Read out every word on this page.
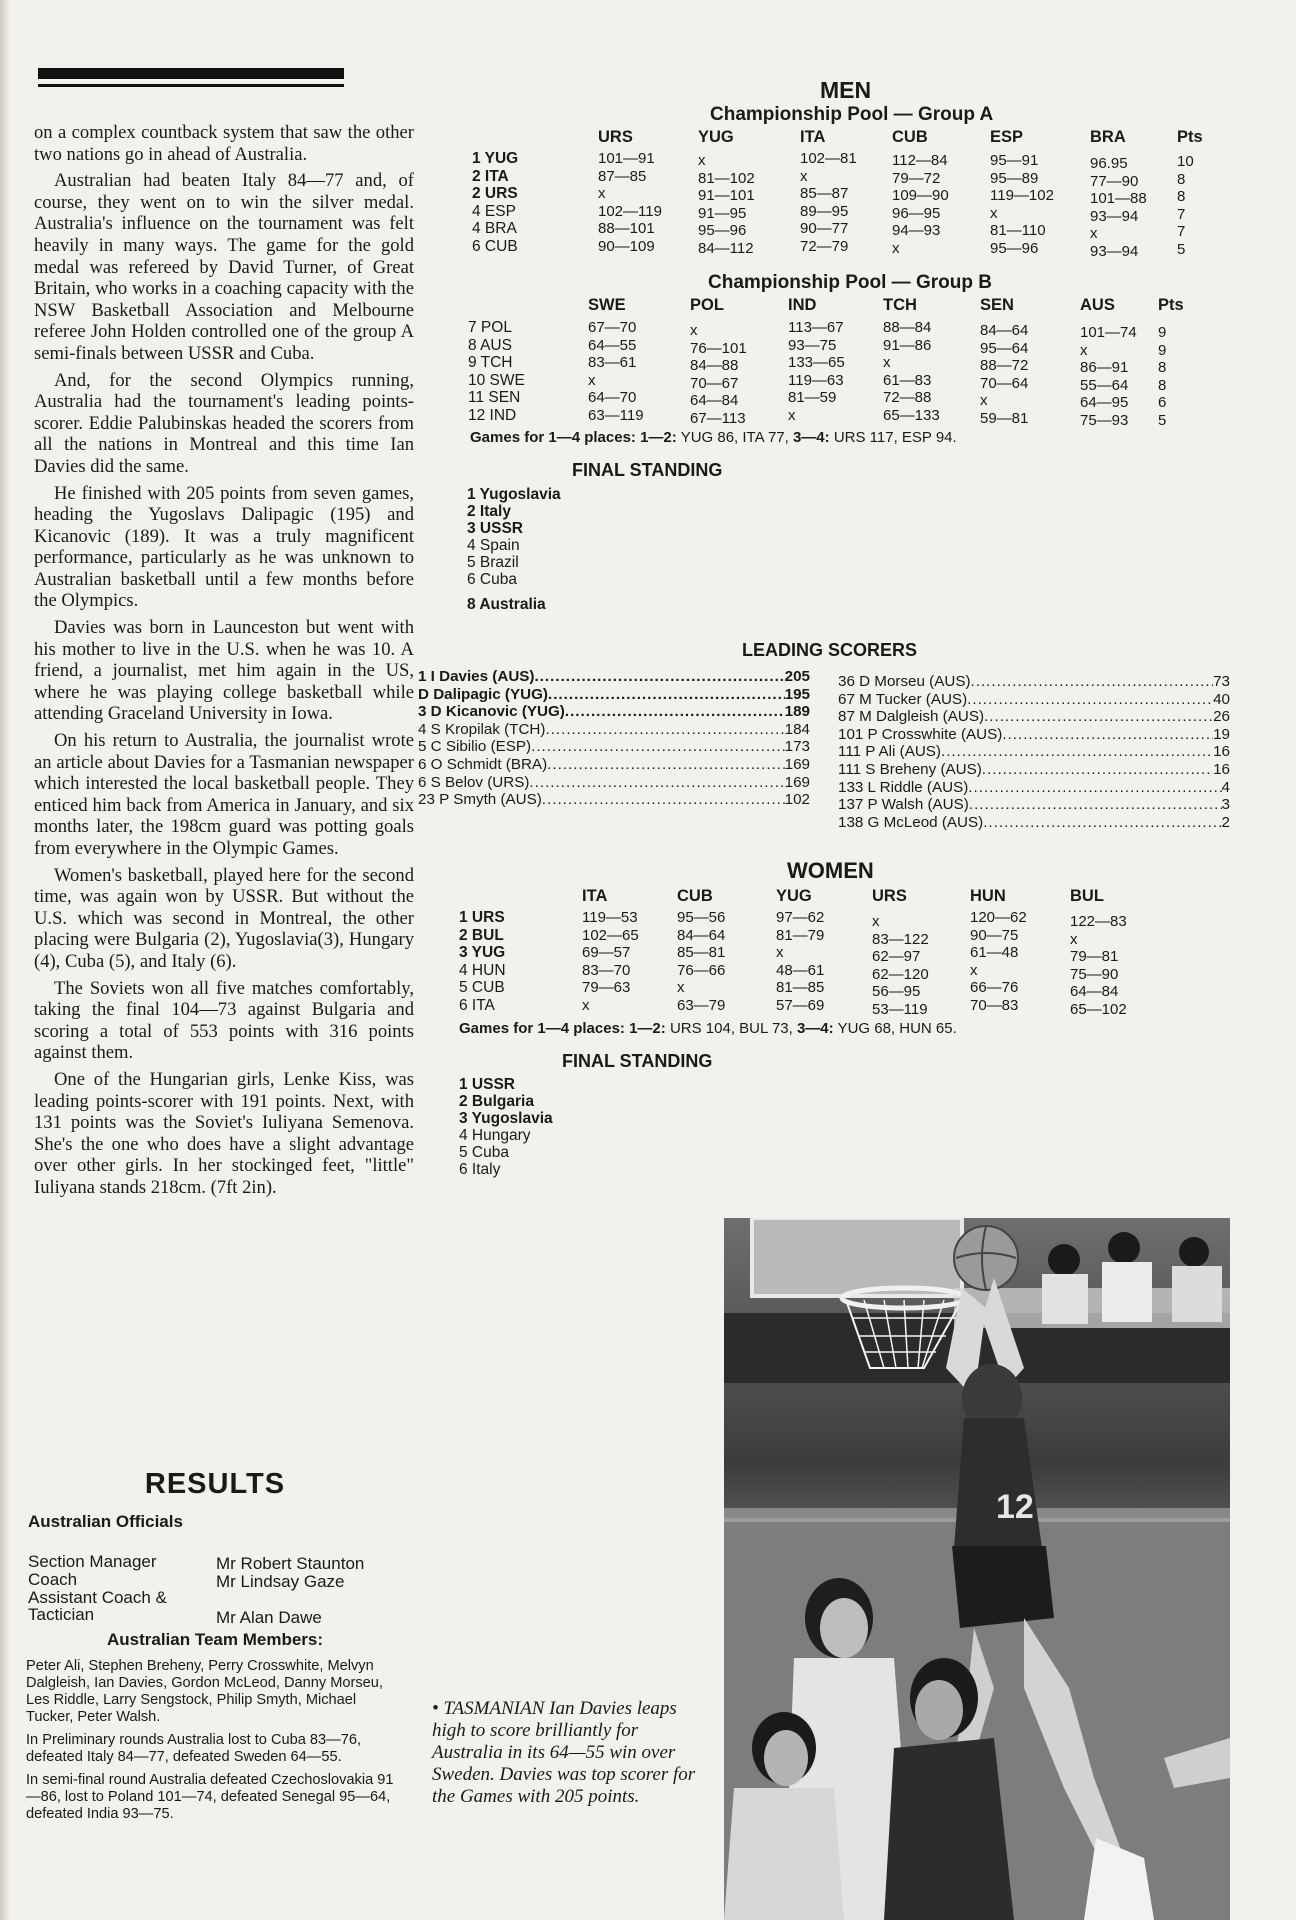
on a complex countback system that saw the other two nations go in ahead of Australia.

Australian had beaten Italy 84—77 and, of course, they went on to win the silver medal. Australia's influence on the tournament was felt heavily in many ways. The game for the gold medal was refereed by David Turner, of Great Britain, who works in a coaching capacity with the NSW Basketball Association and Melbourne referee John Holden controlled one of the group A semi-finals between USSR and Cuba.

And, for the second Olympics running, Australia had the tournament's leading points-scorer. Eddie Palubinskas headed the scorers from all the nations in Montreal and this time Ian Davies did the same.

He finished with 205 points from seven games, heading the Yugoslavs Dalipagic (195) and Kicanovic (189). It was a truly magnificent performance, particularly as he was unknown to Australian basketball until a few months before the Olympics.

Davies was born in Launceston but went with his mother to live in the U.S. when he was 10. A friend, a journalist, met him again in the US, where he was playing college basketball while attending Graceland University in Iowa.

On his return to Australia, the journalist wrote an article about Davies for a Tasmanian newspaper which interested the local basketball people. They enticed him back from America in January, and six months later, the 198cm guard was potting goals from everywhere in the Olympic Games.

Women's basketball, played here for the second time, was again won by USSR. But without the U.S. which was second in Montreal, the other placing were Bulgaria (2), Yugoslavia(3), Hungary (4), Cuba (5), and Italy (6).

The Soviets won all five matches comfortably, taking the final 104—73 against Bulgaria and scoring a total of 553 points with 316 points against them.

One of the Hungarian girls, Lenke Kiss, was leading points-scorer with 191 points. Next, with 131 points was the Soviet's Iuliyana Semenova. She's the one who does have a slight advantage over other girls. In her stockinged feet, "little" Iuliyana stands 218cm. (7ft 2in).

RESULTS
Australian Officials
Section Manager	Mr Robert Staunton
Coach	Mr Lindsay Gaze
Assistant Coach &
Tactician	Mr Alan Dawe
Australian Team Members:

Peter Ali, Stephen Breheny, Perry Crosswhite, Melvyn Dalgleish, Ian Davies, Gordon McLeod, Danny Morseu, Les Riddle, Larry Sengstock, Philip Smyth, Michael Tucker, Peter Walsh.

In Preliminary rounds Australia lost to Cuba 83—76, defeated Italy 84—77, defeated Sweden 64—55.

In semi-final round Australia defeated Czechoslovakia 91—86, lost to Poland 101—74, defeated Senegal 95—64, defeated India 93—75.

MEN
Championship Pool — Group A
URS	YUG	ITA	CUB	ESP	BRA	Pts
1 YUG	101—91	x	102—81 112—84	95—91	96.95	10
2 ITA	87—85	81—102	x	79—72	95—89	77—90	8
2 URS	x	91—101	85—87	109—90	119—102 101—88 8
4 ESP	102—119 91—95	89—95	96—95	x	93—94	7
4 BRA	88—101	95—96	90—77	94—93	81—110	x	7
6 CUB	90—109	84—112	72—79	x	95—96	93—94	5
Championship Pool — Group B
SWE	POL	IND	TCH	SEN	AUS	Pts
7 POL	67—70	x	113—67	88—84	84—64	101—74 9
8 AUS	64—55	76—101	93—75	91—86	95—64	x	9
9 TCH	83—61	84—88	133—65	x	88—72	86—91 8
10 SWE	x	70—67	119—63	61—83	70—64	55—64 8
11 SEN	64—70	64—84	81—59	72—88	x	64—95 6
12 IND	63—119	67—113	x	65—133	59—81	75—93 5
Games for 1—4 places: 1—2: YUG 86, ITA 77, 3—4: URS 117, ESP 94.
FINAL STANDING
1 Yugoslavia
2 Italy
3 USSR
4 Spain
5 Brazil
6 Cuba
8 Australia
LEADING SCORERS
1 I Davies (AUS) .....	205
D Dalipagic (YUG) .....	195
3 D Kicanovic (YUG) .....	189
4 S Kropilak (TCH) .....	184
5 C Sibilio (ESP) .....	173
6 O Schmidt (BRA) .....	169
6 S Belov (URS) .....	169
23 P Smyth (AUS) .....	102
36 D Morseu (AUS) .....	73
67 M Tucker (AUS) .....	40
87 M Dalgleish (AUS) .....	26
101 P Crosswhite (AUS) .....	19
111 P Ali (AUS) .....	16
111 S Breheny (AUS) .....	16
133 L Riddle (AUS) .....	4
137 P Walsh (AUS) .....	3
138 G McLeod (AUS) .....	2
WOMEN
ITA	CUB	YUG	URS	HUN	BUL
1 URS	119—53	95—56	97—62	x	120—62	122—83
2 BUL	102—65	84—64	81—79	83—122	90—75	x
3 YUG	69—57	85—81	x	62—97	61—48	79—81
4 HUN	83—70	76—66	48—61	62—120	x	75—90
5 CUB	79—63	x	81—85	56—95	66—76	64—84
6 ITA	x	63—79	57—69	53—119	70—83	65—102
Games for 1—4 places: 1—2: URS 104, BUL 73, 3—4: YUG 68, HUN 65.
FINAL STANDING
1 USSR
2 Bulgaria
3 Yugoslavia
4 Hungary
5 Cuba
6 Italy
12
• TASMANIAN Ian Davies leaps high to score brilliantly for Australia in its 64—55 win over Sweden. Davies was top scorer for the Games with 205 points.
